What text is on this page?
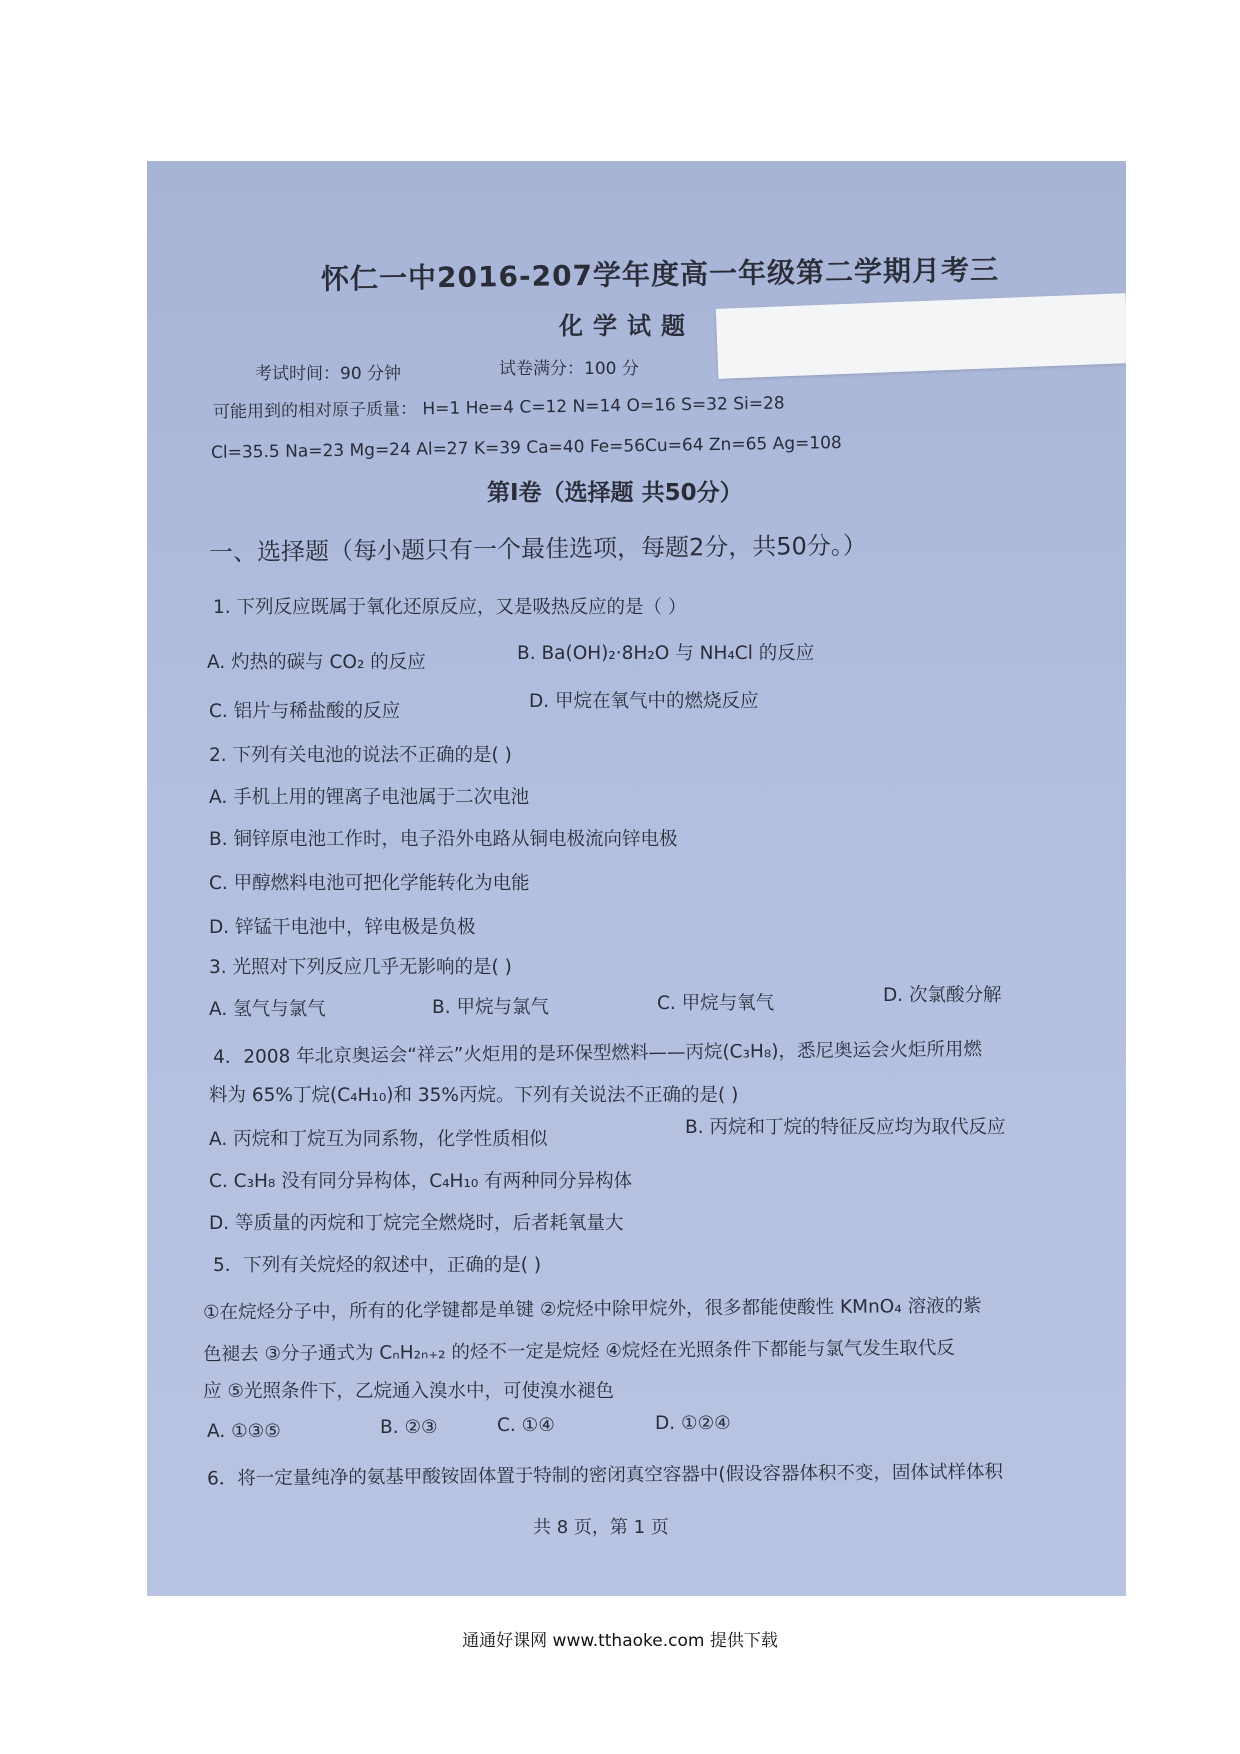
怀仁一中2016-207学年度高一年级第二学期月考三
化学试题
考试时间：90 分钟	试卷满分：100 分
可能用到的相对原子质量： H=1 He=4 C=12 N=14 O=16 S=32 Si=28
Cl=35.5 Na=23 Mg=24 Al=27 K=39 Ca=40 Fe=56Cu=64 Zn=65 Ag=108
第Ⅰ卷（选择题 共50分）
一、选择题（每小题只有一个最佳选项，每题2分，共50分。）
1. 下列反应既属于氧化还原反应，又是吸热反应的是（ ）
A. 灼热的碳与 CO₂ 的反应	B. Ba(OH)₂·8H₂O 与 NH₄Cl 的反应
C. 铝片与稀盐酸的反应	D. 甲烷在氧气中的燃烧反应
2. 下列有关电池的说法不正确的是( )
A. 手机上用的锂离子电池属于二次电池
B. 铜锌原电池工作时，电子沿外电路从铜电极流向锌电极
C. 甲醇燃料电池可把化学能转化为电能
D. 锌锰干电池中，锌电极是负极
3. 光照对下列反应几乎无影响的是( )
A. 氢气与氯气	B. 甲烷与氯气	C. 甲烷与氧气	D. 次氯酸分解
4．2008 年北京奥运会“祥云”火炬用的是环保型燃料——丙烷(C₃H₈)，悉尼奥运会火炬所用燃
料为 65%丁烷(C₄H₁₀)和 35%丙烷。下列有关说法不正确的是( )
A. 丙烷和丁烷互为同系物，化学性质相似
B. 丙烷和丁烷的特征反应均为取代反应
C. C₃H₈ 没有同分异构体，C₄H₁₀ 有两种同分异构体
D. 等质量的丙烷和丁烷完全燃烧时，后者耗氧量大
5．下列有关烷烃的叙述中，正确的是( )
①在烷烃分子中，所有的化学键都是单键 ②烷烃中除甲烷外，很多都能使酸性 KMnO₄ 溶液的紫
色褪去 ③分子通式为 CₙH₂ₙ₊₂ 的烃不一定是烷烃 ④烷烃在光照条件下都能与氯气发生取代反
应 ⑤光照条件下，乙烷通入溴水中，可使溴水褪色
A. ①③⑤	B. ②③	C. ①④	D. ①②④
6．将一定量纯净的氨基甲酸铵固体置于特制的密闭真空容器中(假设容器体积不变，固体试样体积
共 8 页，第 1 页
通通好课网 www.tthaoke.com 提供下载
